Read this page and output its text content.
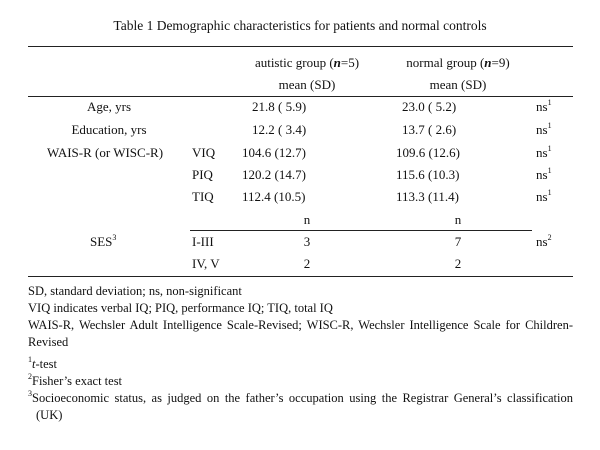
Table 1 Demographic characteristics for patients and normal controls
autistic group (n=5)	normal group (n=9)
mean (SD)	mean (SD)
Age, yrs	21.8 ( 5.9)	23.0 ( 5.2)	$ns^1$
Education, yrs	12.2 ( 3.4)	13.7 ( 2.6)	$ns^1$
WAIS-R (or WISC-R) VIQ 104.6 (12.7)	109.6 (12.6)	$ns^1$
PIQ 120.2 (14.7)	115.6 (10.3)	$ns^1$
TIQ 112.4 (10.5)	113.3 (11.4)	$ns^1$
n	n
SES$^3$	I-III	3	7	$ns^2$
IV, V	2	2

SD, standard deviation; ns, non-significant

VIQ indicates verbal IQ; PIQ, performance IQ; TIQ, total IQ

WAIS-R, Wechsler Adult Intelligence Scale-Revised; WISC-R, Wechsler Intelligence Scale for Children-Revised

$^1$t-test

$^2$Fisher’s exact test

$^3$Socioeconomic status, as judged on the father’s occupation using the Registrar General’s classification (UK)
